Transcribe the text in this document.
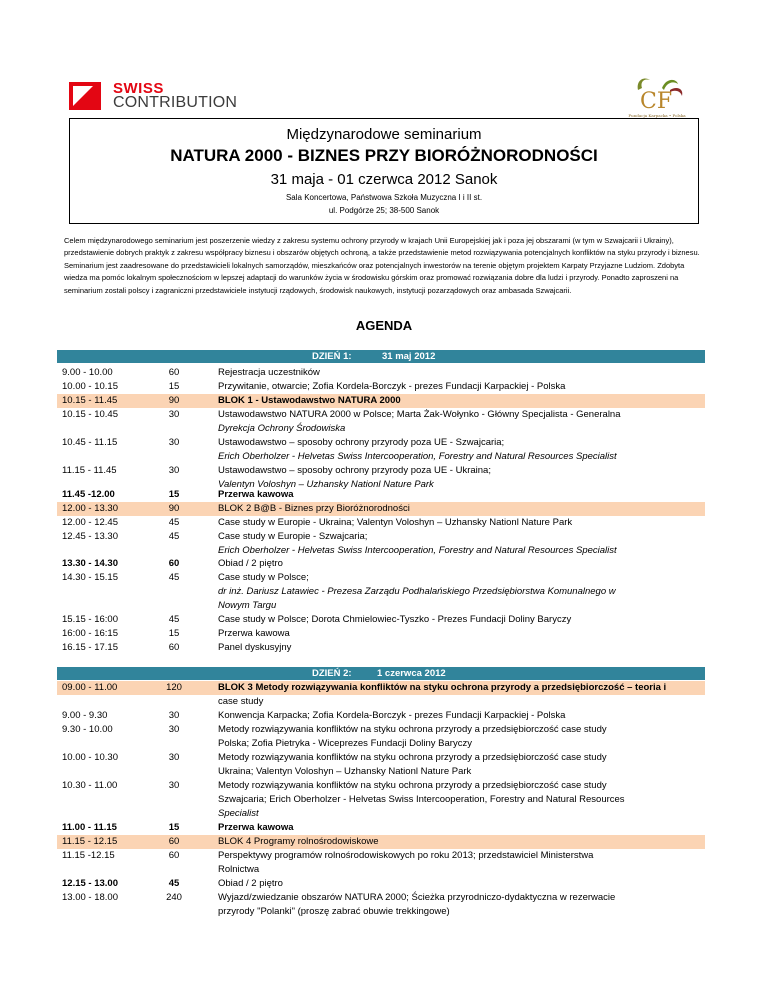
SWISS
CONTRIBUTION	CF
Fundacja Karpacka • Polska
Międzynarodowe seminarium
NATURA 2000 - BIZNES PRZY BIORÓŻNORODNOŚCI
31 maja - 01 czerwca 2012 Sanok
Sala Koncertowa, Państwowa Szkoła Muzyczna I i II st.
ul. Podgórze 25; 38-500 Sanok
Celem międzynarodowego seminarium jest poszerzenie wiedzy z zakresu systemu ochrony przyrody w krajach Unii Europejskiej jak i poza jej obszarami (w tym w Szwajcarii i Ukrainy), przedstawienie dobrych praktyk z zakresu współpracy biznesu i obszarów objętych ochroną, a także przedstawienie metod rozwiązywania potencjalnych konfliktów na styku przyrody i biznesu. Seminarium jest zaadresowane do przedstawicieli lokalnych samorządów, mieszkańców oraz potencjalnych inwestorów na terenie objętym projektem Karpaty Przyjazne Ludziom. Zdobyta wiedza ma pomóc lokalnym społecznościom w lepszej adaptacji do warunków życia w środowisku górskim oraz promować rozwiązania dobre dla ludzi i przyrody. Ponadto zaproszeni na seminarium zostali polscy i zagraniczni przedstawiciele instytucji rządowych, środowisk naukowych, instytucji pozarządowych oraz ambasada Szwajcarii.
AGENDA
DZIEŃ 1:	31 maj 2012
9.00 - 10.00	60	Rejestracja uczestników
10.00 - 10.15	15	Przywitanie, otwarcie; Zofia Kordela-Borczyk - prezes Fundacji Karpackiej - Polska
10.15 - 11.45	90	BLOK 1 - Ustawodawstwo NATURA 2000
10.15 - 10.45	30	Ustawodawstwo NATURA 2000 w Polsce; Marta Żak-Wołynko - Główny Specjalista - Generalna
Dyrekcja Ochrony Środowiska
10.45 - 11.15	30	Ustawodawstwo – sposoby ochrony przyrody poza UE - Szwajcaria;
Erich Oberholzer - Helvetas Swiss Intercooperation, Forestry and Natural Resources Specialist
11.15 - 11.45	30	Ustawodawstwo – sposoby ochrony przyrody poza UE - Ukraina;
Valentyn Voloshyn – Uzhansky Nationl Nature Park
11.45 -12.00	15	Przerwa kawowa
12.00 - 13.30	90	BLOK 2 B@B - Biznes przy Bioróżnorodności
12.00 - 12.45	45	Case study w Europie - Ukraina; Valentyn Voloshyn – Uzhansky Nationl Nature Park
12.45 - 13.30	45	Case study w Europie - Szwajcaria;
Erich Oberholzer - Helvetas Swiss Intercooperation, Forestry and Natural Resources Specialist
13.30 - 14.30	60	Obiad / 2 piętro
14.30 - 15.15	45	Case study w Polsce;
dr inż. Dariusz Latawiec - Prezesa Zarządu Podhalańskiego Przedsiębiorstwa Komunalnego w
Nowym Targu
15.15 - 16:00	45	Case study w Polsce; Dorota Chmielowiec-Tyszko - Prezes Fundacji Doliny Baryczy
16:00 - 16:15	15	Przerwa kawowa
16.15 - 17.15	60	Panel dyskusyjny
DZIEŃ 2:	1 czerwca 2012
09.00 - 11.00	120	BLOK 3 Metody rozwiązywania konfliktów na styku ochrona przyrody a przedsiębiorczość – teoria i
case study
9.00 - 9.30	30	Konwencja Karpacka; Zofia Kordela-Borczyk - prezes Fundacji Karpackiej - Polska
9.30 - 10.00	30	Metody rozwiązywania konfliktów na styku ochrona przyrody a przedsiębiorczość case study
Polska; Zofia Pietryka - Wiceprezes Fundacji Doliny Baryczy
10.00 - 10.30	30	Metody rozwiązywania konfliktów na styku ochrona przyrody a przedsiębiorczość case study
Ukraina; Valentyn Voloshyn – Uzhansky Nationl Nature Park
10.30 - 11.00	30	Metody rozwiązywania konfliktów na styku ochrona przyrody a przedsiębiorczość case study
Szwajcaria; Erich Oberholzer - Helvetas Swiss Intercooperation, Forestry and Natural Resources
Specialist
11.00 - 11.15	15	Przerwa kawowa
11.15 - 12.15	60	BLOK 4 Programy rolnośrodowiskowe
11.15 -12.15	60	Perspektywy programów rolnośrodowiskowych po roku 2013; przedstawiciel Ministerstwa
Rolnictwa
12.15 - 13.00	45	Obiad / 2 piętro
13.00 - 18.00	240	Wyjazd/zwiedzanie obszarów NATURA 2000; Ścieżka przyrodniczo-dydaktyczna w rezerwacie
przyrody "Polanki" (proszę zabrać obuwie trekkingowe)
